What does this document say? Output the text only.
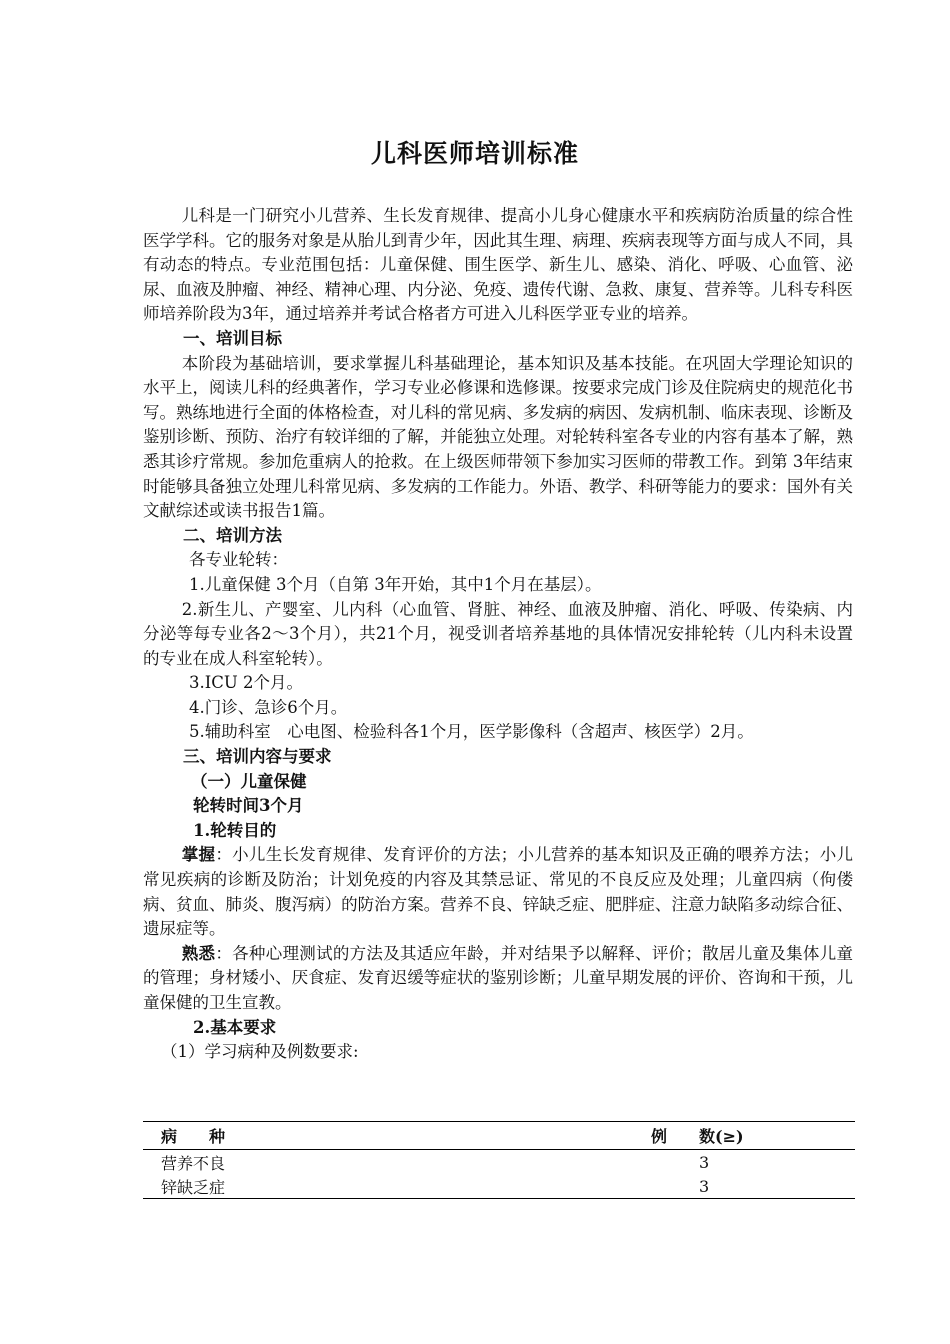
儿科医师培训标准

儿科是一门研究小儿营养、生长发育规律、提高小儿身心健康水平和疾病防治质量的综合性医学学科。它的服务对象是从胎儿到青少年，因此其生理、病理、疾病表现等方面与成人不同，具有动态的特点。专业范围包括：儿童保健、围生医学、新生儿、感染、消化、呼吸、心血管、泌尿、血液及肿瘤、神经、精神心理、内分泌、免疫、遗传代谢、急救、康复、营养等。儿科专科医师培养阶段为3年，通过培养并考试合格者方可进入儿科医学亚专业的培养。

一、培训目标

本阶段为基础培训，要求掌握儿科基础理论，基本知识及基本技能。在巩固大学理论知识的水平上，阅读儿科的经典著作，学习专业必修课和选修课。按要求完成门诊及住院病史的规范化书写。熟练地进行全面的体格检查，对儿科的常见病、多发病的病因、发病机制、临床表现、诊断及鉴别诊断、预防、治疗有较详细的了解，并能独立处理。对轮转科室各专业的内容有基本了解，熟悉其诊疗常规。参加危重病人的抢救。在上级医师带领下参加实习医师的带教工作。到第 3年结束时能够具备独立处理儿科常见病、多发病的工作能力。外语、教学、科研等能力的要求：国外有关文献综述或读书报告1篇。

二、培训方法

各专业轮转：

1.儿童保健 3个月（自第 3年开始，其中1个月在基层）。

2.新生儿、产婴室、儿内科（心血管、肾脏、神经、血液及肿瘤、消化、呼吸、传染病、内分泌等每专业各2～3个月），共21个月，视受训者培养基地的具体情况安排轮转（儿内科未设置的专业在成人科室轮转）。

3.ICU 2个月。

4.门诊、急诊6个月。

5.辅助科室　心电图、检验科各1个月，医学影像科（含超声、核医学）2月。

三、培训内容与要求

（一）儿童保健

轮转时间3个月

1.轮转目的

掌握：小儿生长发育规律、发育评价的方法；小儿营养的基本知识及正确的喂养方法；小儿常见疾病的诊断及防治；计划免疫的内容及其禁忌证、常见的不良反应及处理；儿童四病（佝偻病、贫血、肺炎、腹泻病）的防治方案。营养不良、锌缺乏症、肥胖症、注意力缺陷多动综合征、遗尿症等。

熟悉：各种心理测试的方法及其适应年龄，并对结果予以解释、评价；散居儿童及集体儿童的管理；身材矮小、厌食症、发育迟缓等症状的鉴别诊断；儿童早期发展的评价、咨询和干预，儿童保健的卫生宣教。

2.基本要求

（1）学习病种及例数要求:

病　　种	例　　数(≥)
营养不良	3
锌缺乏症	3
